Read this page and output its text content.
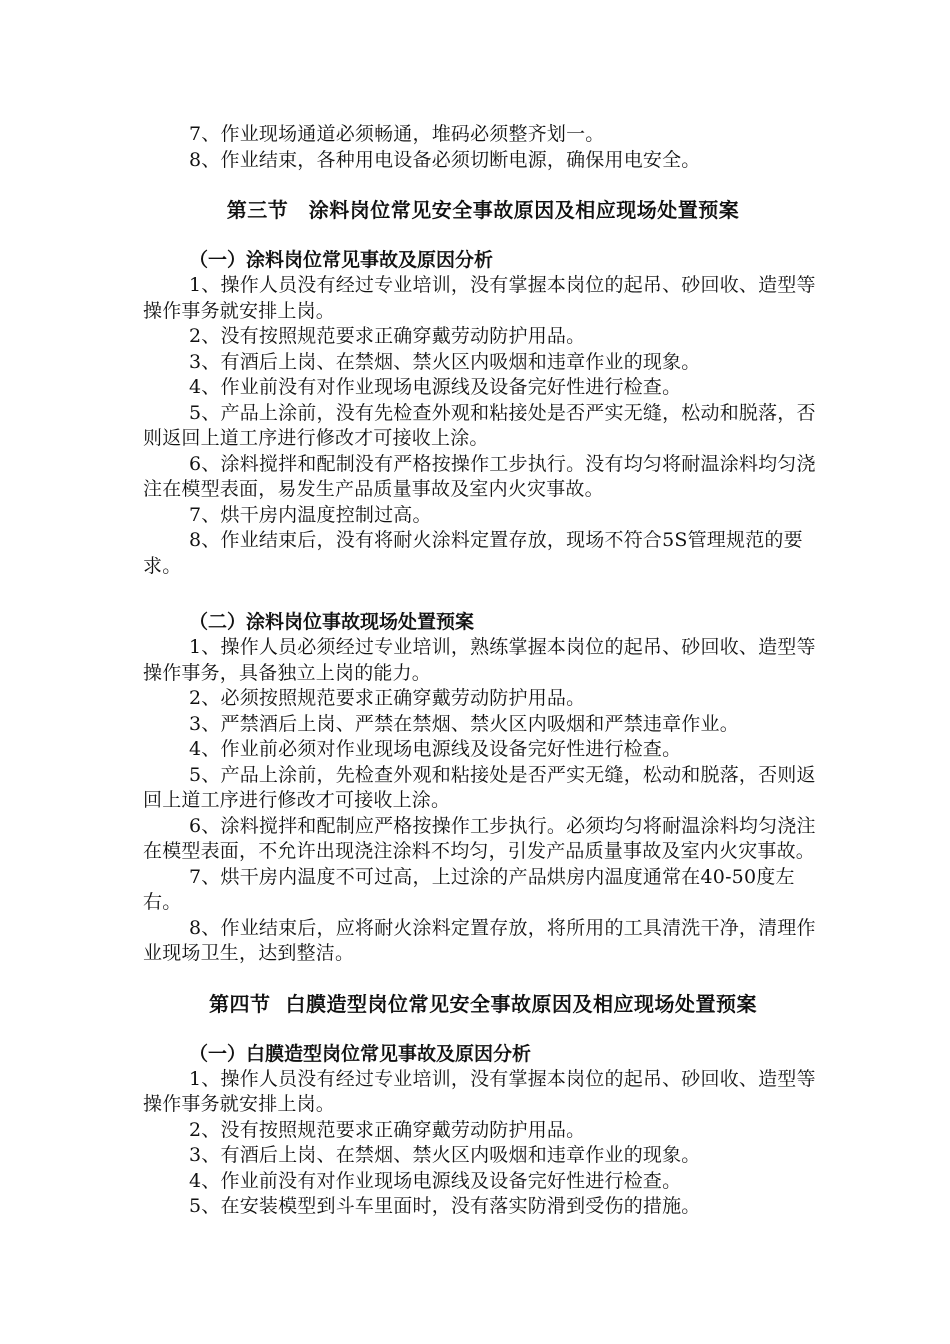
7、作业现场通道必须畅通，堆码必须整齐划一。

8、作业结束，各种用电设备必须切断电源，确保用电安全。

第三节　涂料岗位常见安全事故原因及相应现场处置预案
（一）涂料岗位常见事故及原因分析

1、操作人员没有经过专业培训，没有掌握本岗位的起吊、砂回收、造型等操作事务就安排上岗。

2、没有按照规范要求正确穿戴劳动防护用品。

3、有酒后上岗、在禁烟、禁火区内吸烟和违章作业的现象。

4、作业前没有对作业现场电源线及设备完好性进行检查。

5、产品上涂前，没有先检查外观和粘接处是否严实无缝，松动和脱落，否则返回上道工序进行修改才可接收上涂。

6、涂料搅拌和配制没有严格按操作工步执行。没有均匀将耐温涂料均匀浇注在模型表面，易发生产品质量事故及室内火灾事故。

7、烘干房内温度控制过高。

8、作业结束后，没有将耐火涂料定置存放，现场不符合5S管理规范的要求。

（二）涂料岗位事故现场处置预案

1、操作人员必须经过专业培训，熟练掌握本岗位的起吊、砂回收、造型等操作事务，具备独立上岗的能力。

2、必须按照规范要求正确穿戴劳动防护用品。

3、严禁酒后上岗、严禁在禁烟、禁火区内吸烟和严禁违章作业。

4、作业前必须对作业现场电源线及设备完好性进行检查。

5、产品上涂前，先检查外观和粘接处是否严实无缝，松动和脱落，否则返回上道工序进行修改才可接收上涂。

6、涂料搅拌和配制应严格按操作工步执行。必须均匀将耐温涂料均匀浇注在模型表面，不允许出现浇注涂料不均匀，引发产品质量事故及室内火灾事故。

7、烘干房内温度不可过高，上过涂的产品烘房内温度通常在40-50度左右。

8、作业结束后，应将耐火涂料定置存放，将所用的工具清洗干净，清理作业现场卫生，达到整洁。

第四节  白膜造型岗位常见安全事故原因及相应现场处置预案
（一）白膜造型岗位常见事故及原因分析

1、操作人员没有经过专业培训，没有掌握本岗位的起吊、砂回收、造型等操作事务就安排上岗。

2、没有按照规范要求正确穿戴劳动防护用品。

3、有酒后上岗、在禁烟、禁火区内吸烟和违章作业的现象。

4、作业前没有对作业现场电源线及设备完好性进行检查。

5、在安装模型到斗车里面时，没有落实防滑到受伤的措施。
